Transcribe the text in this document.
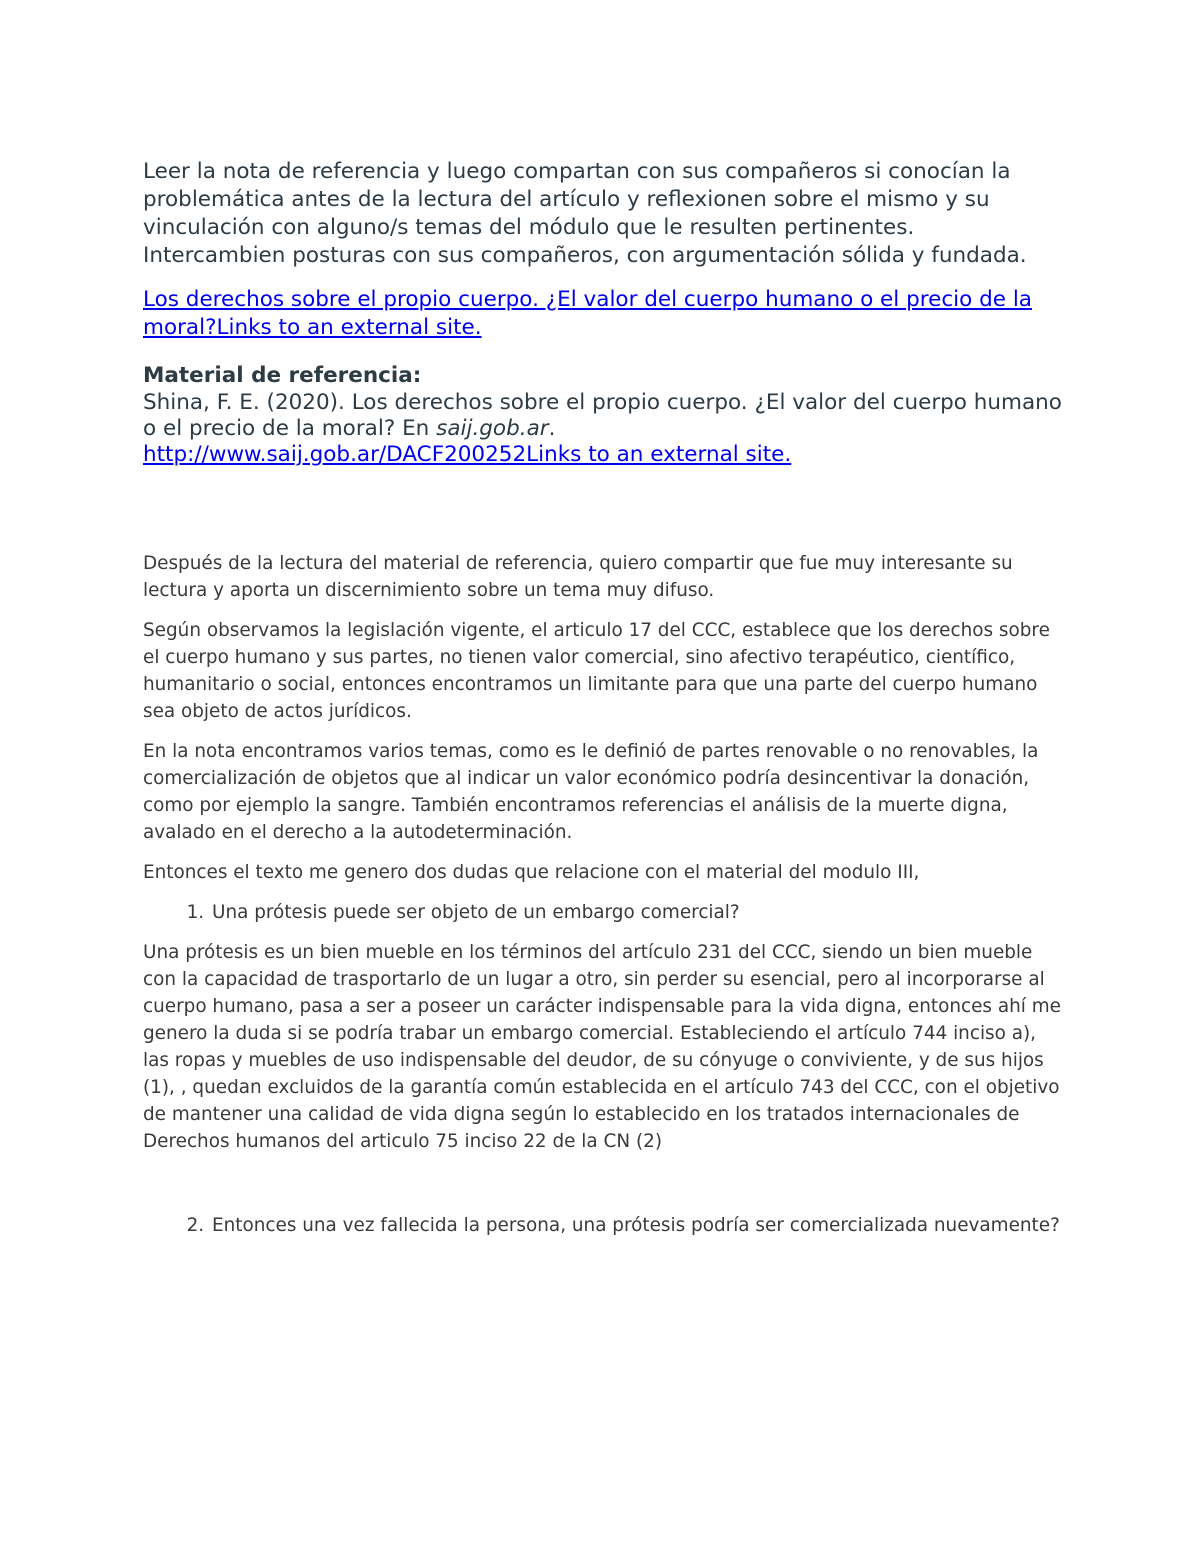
Leer la nota de referencia y luego compartan con sus compañeros si conocían la problemática antes de la lectura del artículo y reflexionen sobre el mismo y su vinculación con alguno/s temas del módulo que le resulten pertinentes. Intercambien posturas con sus compañeros, con argumentación sólida y fundada.

Los derechos sobre el propio cuerpo. ¿El valor del cuerpo humano o el precio de la moral?Links to an external site.

Material de referencia:

Shina, F. E. (2020). Los derechos sobre el propio cuerpo. ¿El valor del cuerpo humano o el precio de la moral? En saij.gob.ar.
http://www.saij.gob.ar/DACF200252Links to an external site.

Después de la lectura del material de referencia, quiero compartir que fue muy interesante su lectura y aporta un discernimiento sobre un tema muy difuso.

Según observamos la legislación vigente, el articulo 17 del CCC, establece que los derechos sobre el cuerpo humano y sus partes, no tienen valor comercial, sino afectivo terapéutico, científico, humanitario o social, entonces encontramos un limitante para que una parte del cuerpo humano sea objeto de actos jurídicos.

En la nota encontramos varios temas, como es le definió de partes renovable o no renovables, la comercialización de objetos que al indicar un valor económico podría desincentivar la donación, como por ejemplo la sangre. También encontramos referencias el análisis de la muerte digna, avalado en el derecho a la autodeterminación.

Entonces el texto me genero dos dudas que relacione con el material del modulo III,

1. Una prótesis puede ser objeto de un embargo comercial?

Una prótesis es un bien mueble en los términos del artículo 231 del CCC, siendo un bien mueble con la capacidad de trasportarlo de un lugar a otro, sin perder su esencial, pero al incorporarse al cuerpo humano, pasa a ser a poseer un carácter indispensable para la vida digna, entonces ahí me genero la duda si se podría trabar un embargo comercial. Estableciendo el artículo 744 inciso a), las ropas y muebles de uso indispensable del deudor, de su cónyuge o conviviente, y de sus hijos (1), , quedan excluidos de la garantía común establecida en el artículo 743 del CCC, con el objetivo de mantener una calidad de vida digna según lo establecido en los tratados internacionales de Derechos humanos del articulo 75 inciso 22 de la CN (2)

2. Entonces una vez fallecida la persona, una prótesis podría ser comercializada nuevamente?
